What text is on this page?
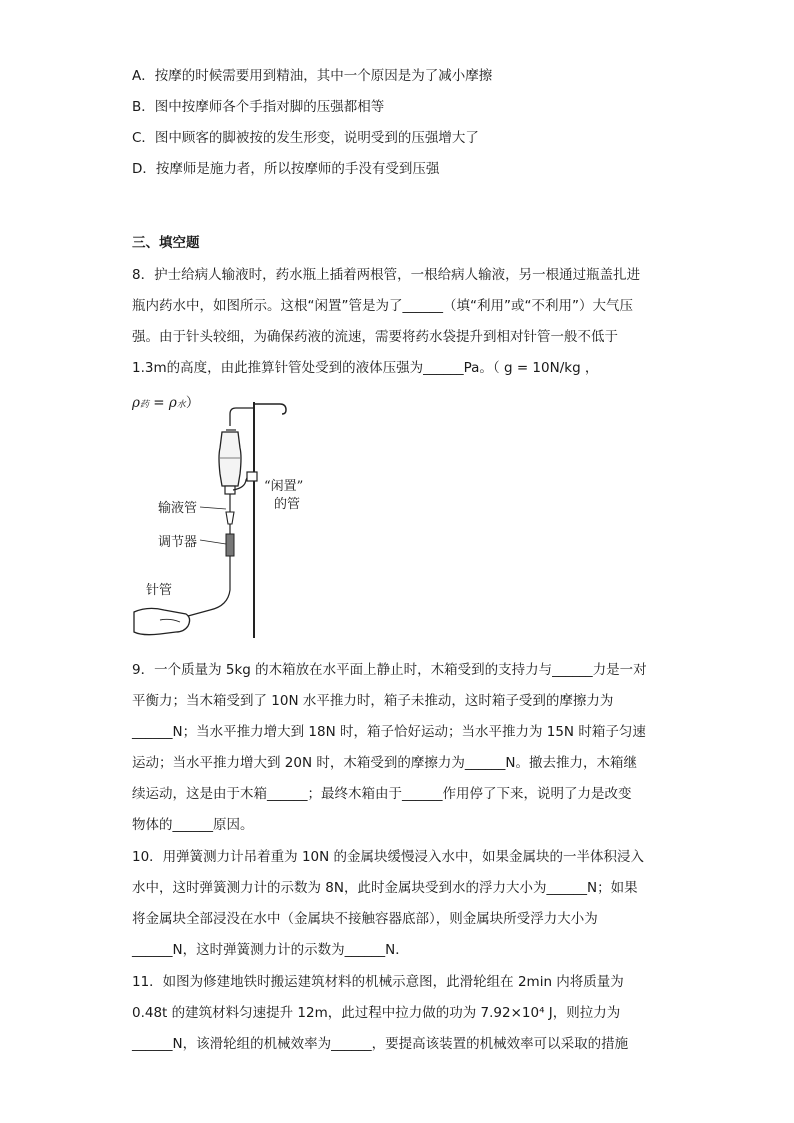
A．按摩的时候需要用到精油，其中一个原因是为了减小摩擦
B．图中按摩师各个手指对脚的压强都相等
C．图中顾客的脚被按的发生形变，说明受到的压强增大了
D．按摩师是施力者，所以按摩师的手没有受到压强
三、填空题
8．护士给病人输液时，药水瓶上插着两根管，一根给病人输液，另一根通过瓶盖扎进
瓶内药水中，如图所示。这根“闲置”管是为了______（填“利用”或“不利用”）大气压
强。由于针头较细，为确保药液的流速，需要将药水袋提升到相对针管一般不低于
1.3m的高度，由此推算针管处受到的液体压强为______Pa。（ g = 10N/kg ，
ρ药 = ρ水）
“闲置”
的管
输液管
调节器
针管
9．一个质量为 5kg 的木箱放在水平面上静止时，木箱受到的支持力与______力是一对
平衡力；当木箱受到了 10N 水平推力时，箱子未推动，这时箱子受到的摩擦力为
______N；当水平推力增大到 18N 时，箱子恰好运动；当水平推力为 15N 时箱子匀速
运动；当水平推力增大到 20N 时，木箱受到的摩擦力为______N。撤去推力，木箱继
续运动，这是由于木箱______；最终木箱由于______作用停了下来，说明了力是改变
物体的______原因。
10．用弹簧测力计吊着重为 10N 的金属块缓慢浸入水中，如果金属块的一半体积浸入
水中，这时弹簧测力计的示数为 8N，此时金属块受到水的浮力大小为______N；如果
将金属块全部浸没在水中（金属块不接触容器底部），则金属块所受浮力大小为
______N，这时弹簧测力计的示数为______N．
11．如图为修建地铁时搬运建筑材料的机械示意图，此滑轮组在 2min 内将质量为
0.48t 的建筑材料匀速提升 12m，此过程中拉力做的功为 7.92×10⁴ J，则拉力为
______N，该滑轮组的机械效率为______，要提高该装置的机械效率可以采取的措施
